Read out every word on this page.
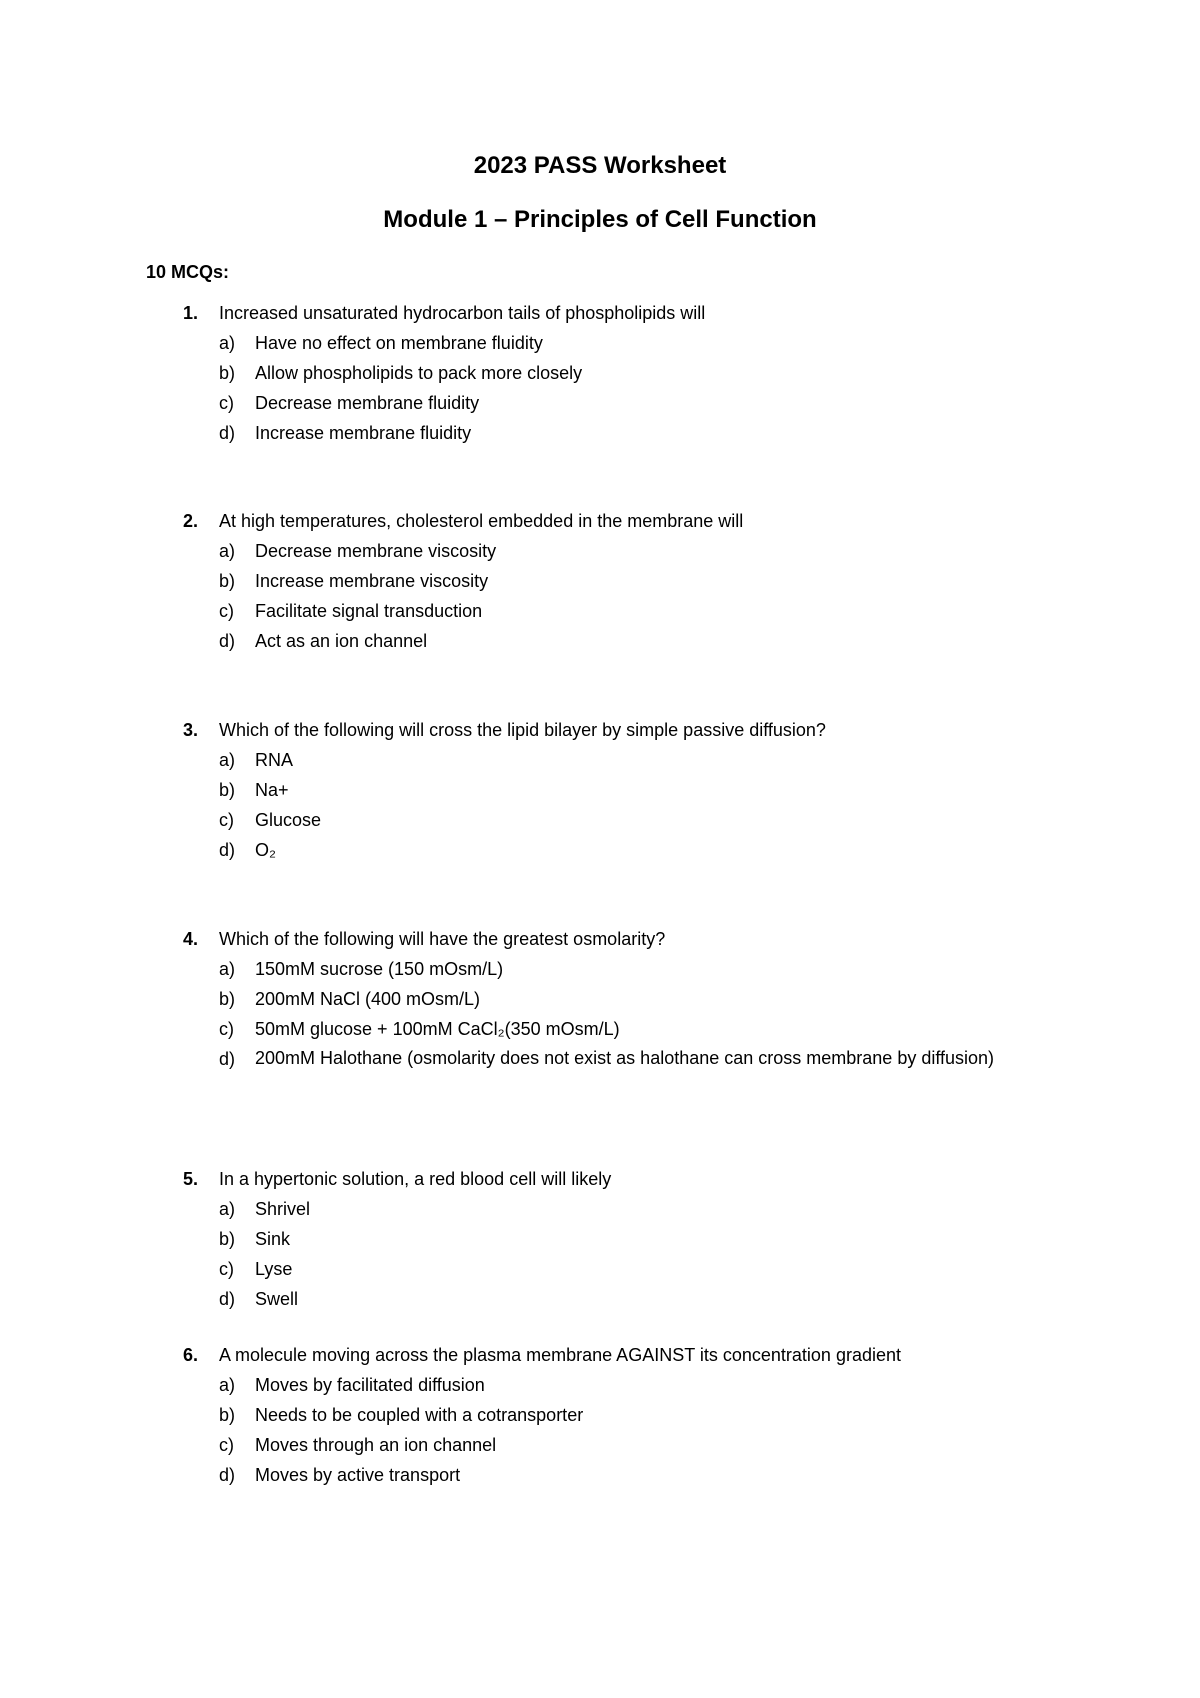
2023 PASS Worksheet
Module 1 – Principles of Cell Function
10 MCQs:
1. Increased unsaturated hydrocarbon tails of phospholipids will
a) Have no effect on membrane fluidity
b) Allow phospholipids to pack more closely
c) Decrease membrane fluidity
d) Increase membrane fluidity
2. At high temperatures, cholesterol embedded in the membrane will
a) Decrease membrane viscosity
b) Increase membrane viscosity
c) Facilitate signal transduction
d) Act as an ion channel
3. Which of the following will cross the lipid bilayer by simple passive diffusion?
a) RNA
b) Na+
c) Glucose
d) O₂
4. Which of the following will have the greatest osmolarity?
a) 150mM sucrose (150 mOsm/L)
b) 200mM NaCl (400 mOsm/L)
c) 50mM glucose + 100mM CaCl₂(350 mOsm/L)
d) 200mM Halothane (osmolarity does not exist as halothane can cross membrane by diffusion)
5. In a hypertonic solution, a red blood cell will likely
a) Shrivel
b) Sink
c) Lyse
d) Swell
6. A molecule moving across the plasma membrane AGAINST its concentration gradient
a) Moves by facilitated diffusion
b) Needs to be coupled with a cotransporter
c) Moves through an ion channel
d) Moves by active transport
